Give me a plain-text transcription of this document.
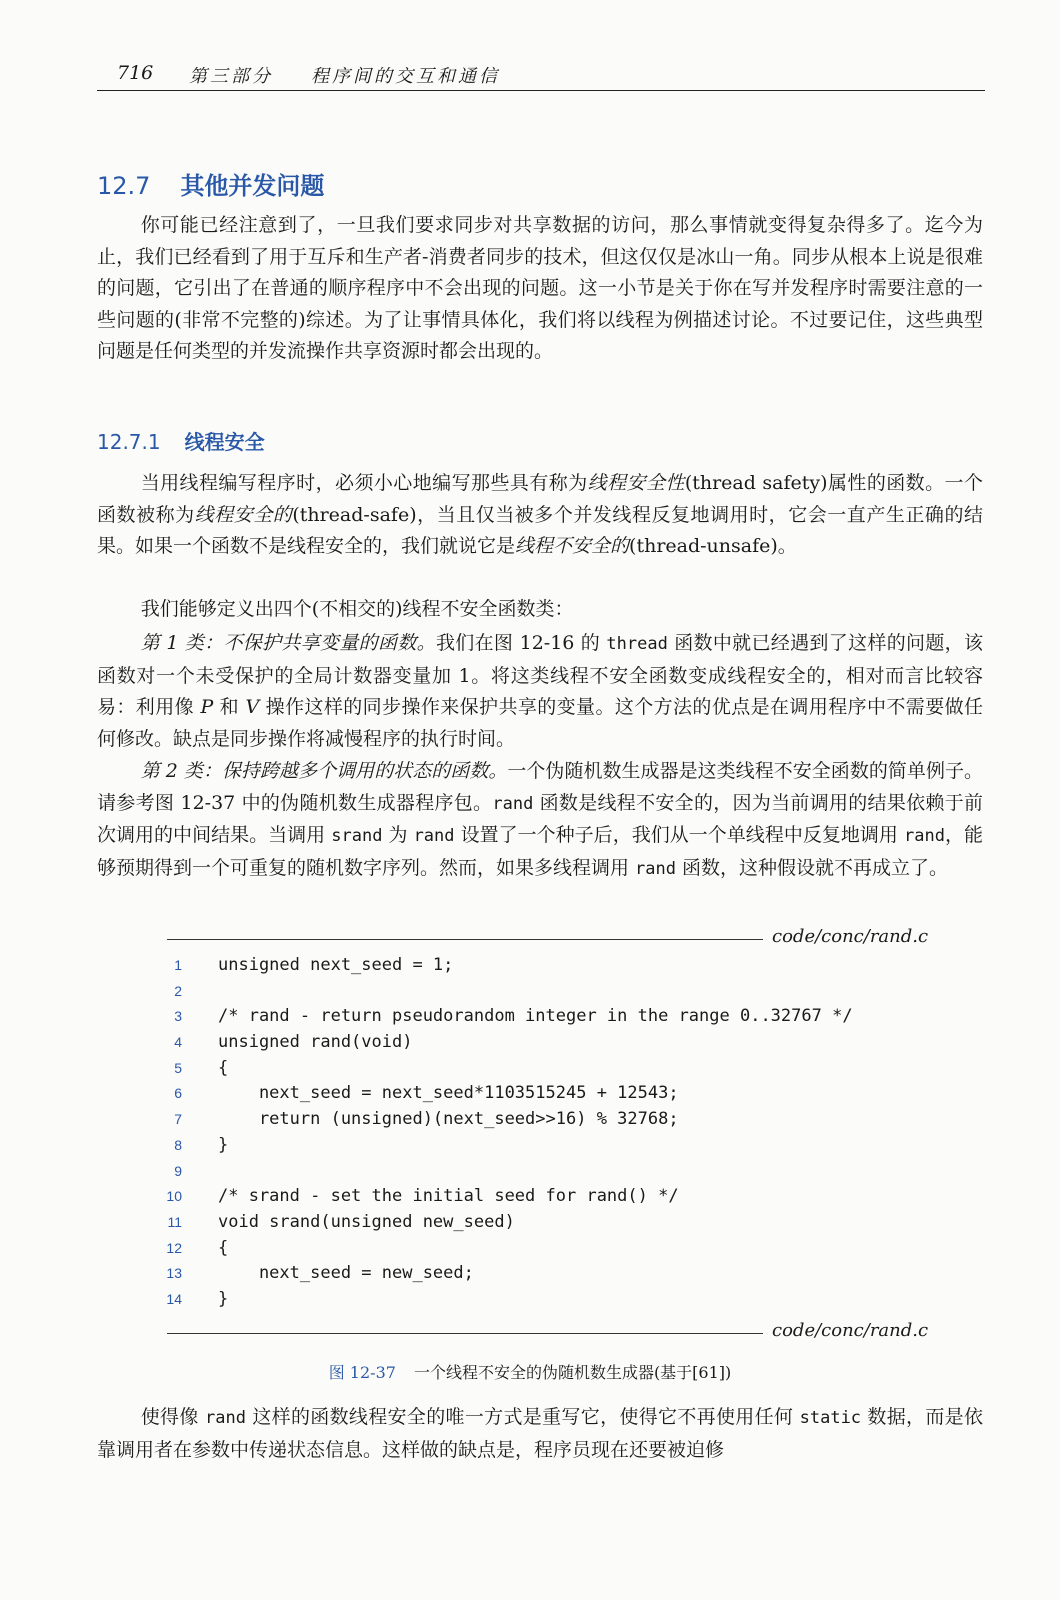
716 第三部分 程序间的交互和通信
12.7 其他并发问题

你可能已经注意到了，一旦我们要求同步对共享数据的访问，那么事情就变得复杂得多了。迄今为止，我们已经看到了用于互斥和生产者-消费者同步的技术，但这仅仅是冰山一角。同步从根本上说是很难的问题，它引出了在普通的顺序程序中不会出现的问题。这一小节是关于你在写并发程序时需要注意的一些问题的(非常不完整的)综述。为了让事情具体化，我们将以线程为例描述讨论。不过要记住，这些典型问题是任何类型的并发流操作共享资源时都会出现的。

12.7.1 线程安全

当用线程编写程序时，必须小心地编写那些具有称为线程安全性(thread safety)属性的函数。一个函数被称为线程安全的(thread-safe)，当且仅当被多个并发线程反复地调用时，它会一直产生正确的结果。如果一个函数不是线程安全的，我们就说它是线程不安全的(thread-unsafe)。

我们能够定义出四个(不相交的)线程不安全函数类：

第 1 类：不保护共享变量的函数。我们在图 12-16 的 thread 函数中就已经遇到了这样的问题，该函数对一个未受保护的全局计数器变量加 1。将这类线程不安全函数变成线程安全的，相对而言比较容易：利用像 P 和 V 操作这样的同步操作来保护共享的变量。这个方法的优点是在调用程序中不需要做任何修改。缺点是同步操作将减慢程序的执行时间。

第 2 类：保持跨越多个调用的状态的函数。一个伪随机数生成器是这类线程不安全函数的简单例子。请参考图 12-37 中的伪随机数生成器程序包。rand 函数是线程不安全的，因为当前调用的结果依赖于前次调用的中间结果。当调用 srand 为 rand 设置了一个种子后，我们从一个单线程中反复地调用 rand，能够预期得到一个可重复的随机数字序列。然而，如果多线程调用 rand 函数，这种假设就不再成立了。

code/conc/rand.c
1 unsigned next_seed = 1;
2
3 /* rand - return pseudorandom integer in the range 0..32767 */
4 unsigned rand(void)
5 {
6 next_seed = next_seed*1103515245 + 12543;
7 return (unsigned)(next_seed>>16) % 32768;
8 }
9
10 /* srand - set the initial seed for rand() */
11 void srand(unsigned new_seed)
12 {
13 next_seed = new_seed;
14 }
code/conc/rand.c
图 12-37 一个线程不安全的伪随机数生成器(基于[61])

使得像 rand 这样的函数线程安全的唯一方式是重写它，使得它不再使用任何 static 数据，而是依靠调用者在参数中传递状态信息。这样做的缺点是，程序员现在还要被迫修
